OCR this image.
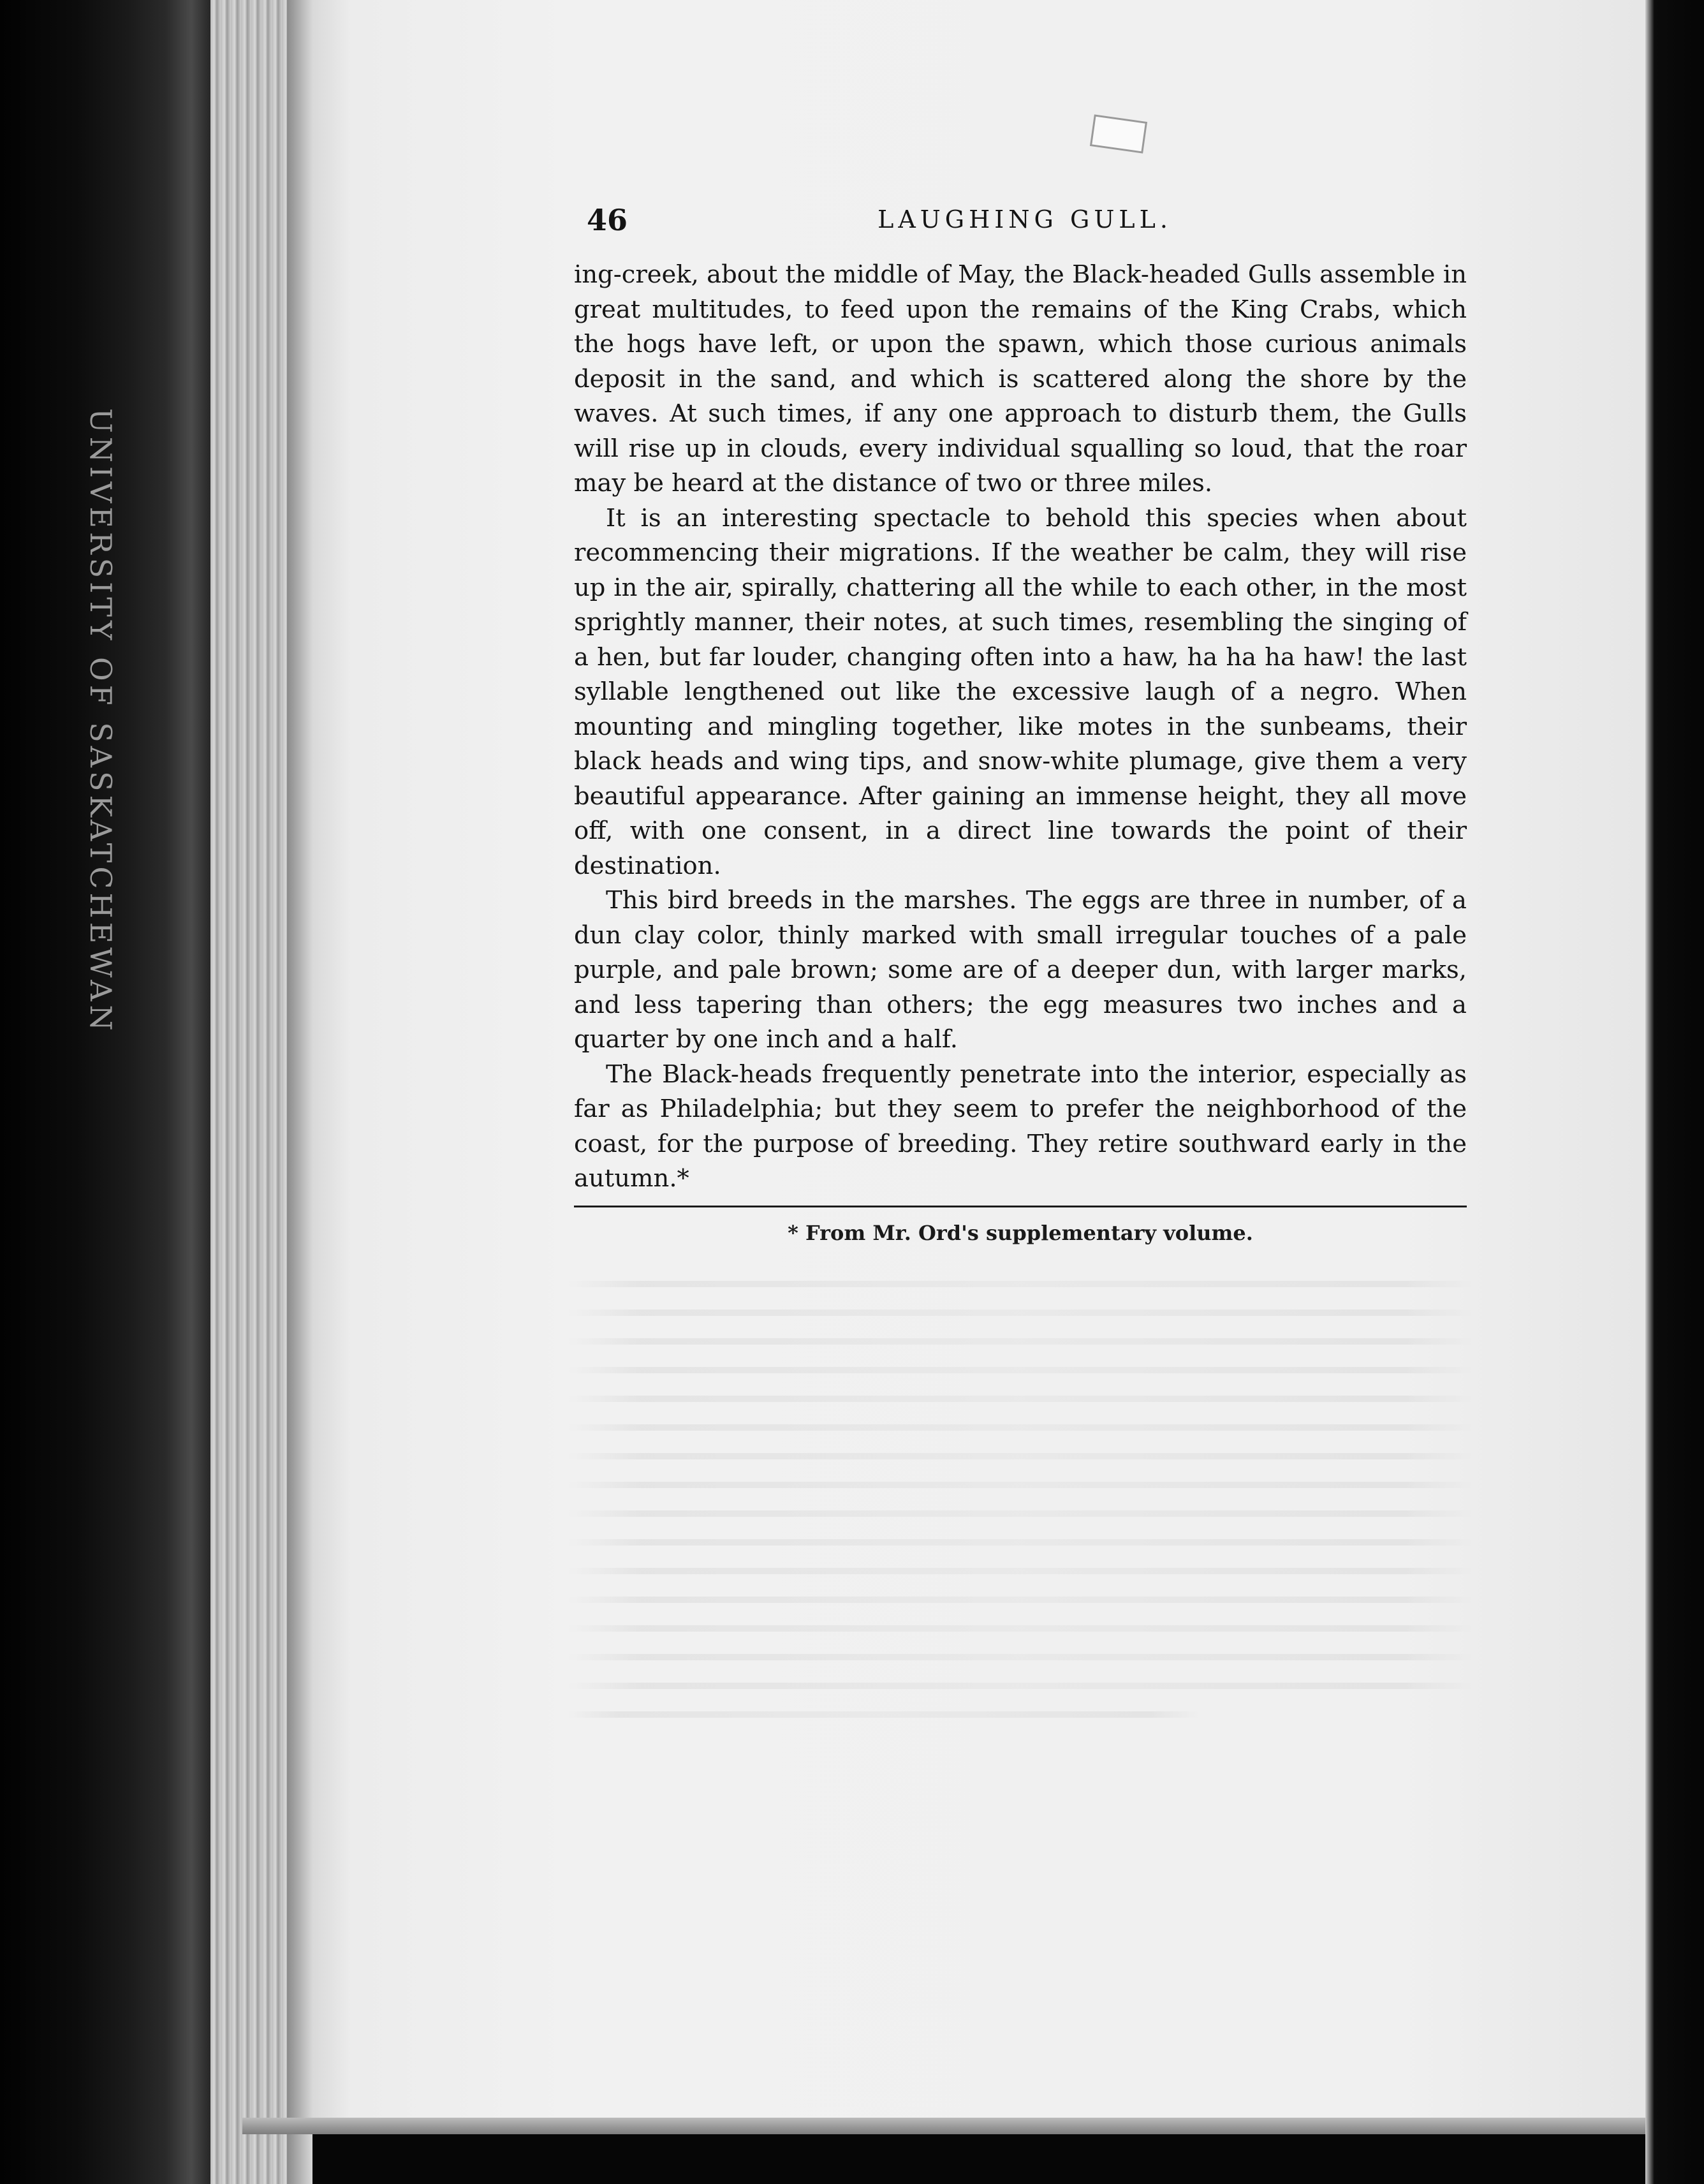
UNIVERSITY OF SASKATCHEWAN
46	LAUGHING GULL.

ing-creek, about the middle of May, the Black-headed Gulls assemble in great multitudes, to feed upon the remains of the King Crabs, which the hogs have left, or upon the spawn, which those curious animals deposit in the sand, and which is scattered along the shore by the waves. At such times, if any one approach to disturb them, the Gulls will rise up in clouds, every individual squalling so loud, that the roar may be heard at the distance of two or three miles.

It is an interesting spectacle to behold this species when about recommencing their migrations. If the weather be calm, they will rise up in the air, spirally, chattering all the while to each other, in the most sprightly manner, their notes, at such times, resembling the singing of a hen, but far louder, changing often into a haw, ha ha ha haw! the last syllable lengthened out like the excessive laugh of a negro. When mounting and mingling together, like motes in the sunbeams, their black heads and wing tips, and snow-white plumage, give them a very beautiful appearance. After gaining an immense height, they all move off, with one consent, in a direct line towards the point of their destination.

This bird breeds in the marshes. The eggs are three in number, of a dun clay color, thinly marked with small irregular touches of a pale purple, and pale brown; some are of a deeper dun, with larger marks, and less tapering than others; the egg measures two inches and a quarter by one inch and a half.

The Black-heads frequently penetrate into the interior, especially as far as Philadelphia; but they seem to prefer the neighborhood of the coast, for the purpose of breeding. They retire southward early in the autumn.*

* From Mr. Ord's supplementary volume.
